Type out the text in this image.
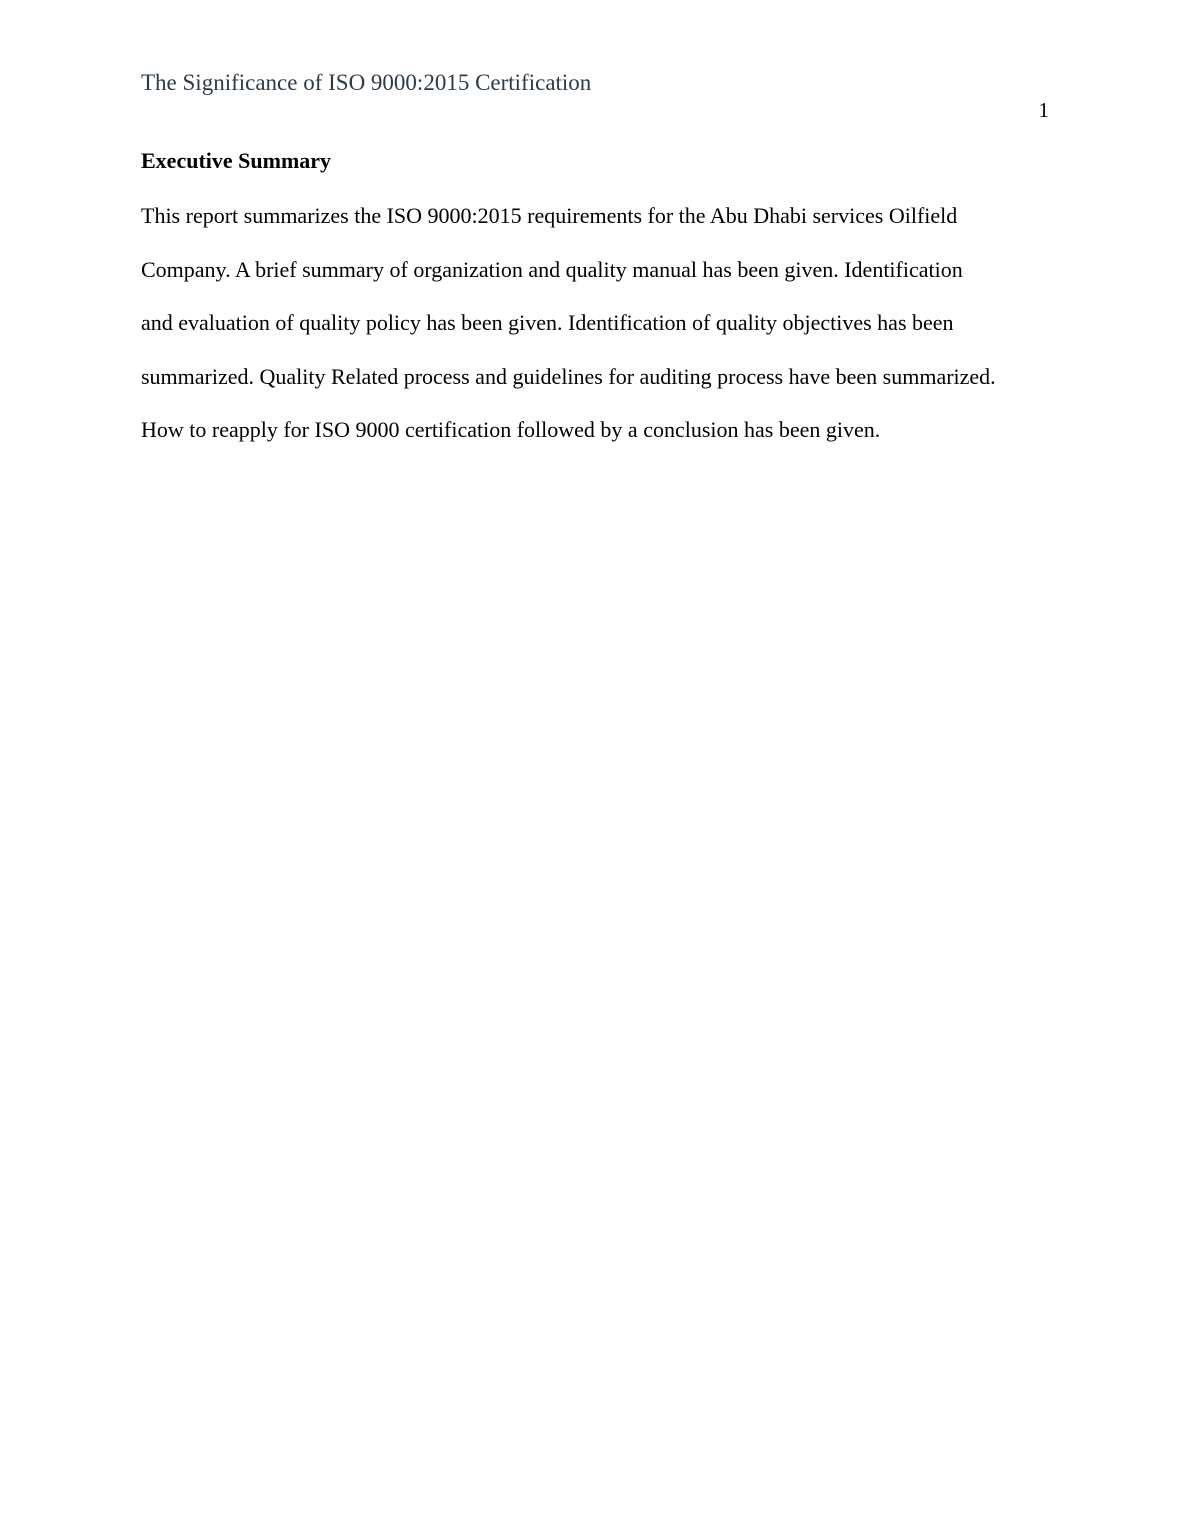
The Significance of ISO 9000:2015 Certification
1
Executive Summary
This report summarizes the ISO 9000:2015 requirements for the Abu Dhabi services Oilfield
Company. A brief summary of organization and quality manual has been given. Identification
and evaluation of quality policy has been given. Identification of quality objectives has been
summarized. Quality Related process and guidelines for auditing process have been summarized.
How to reapply for ISO 9000 certification followed by a conclusion has been given.
